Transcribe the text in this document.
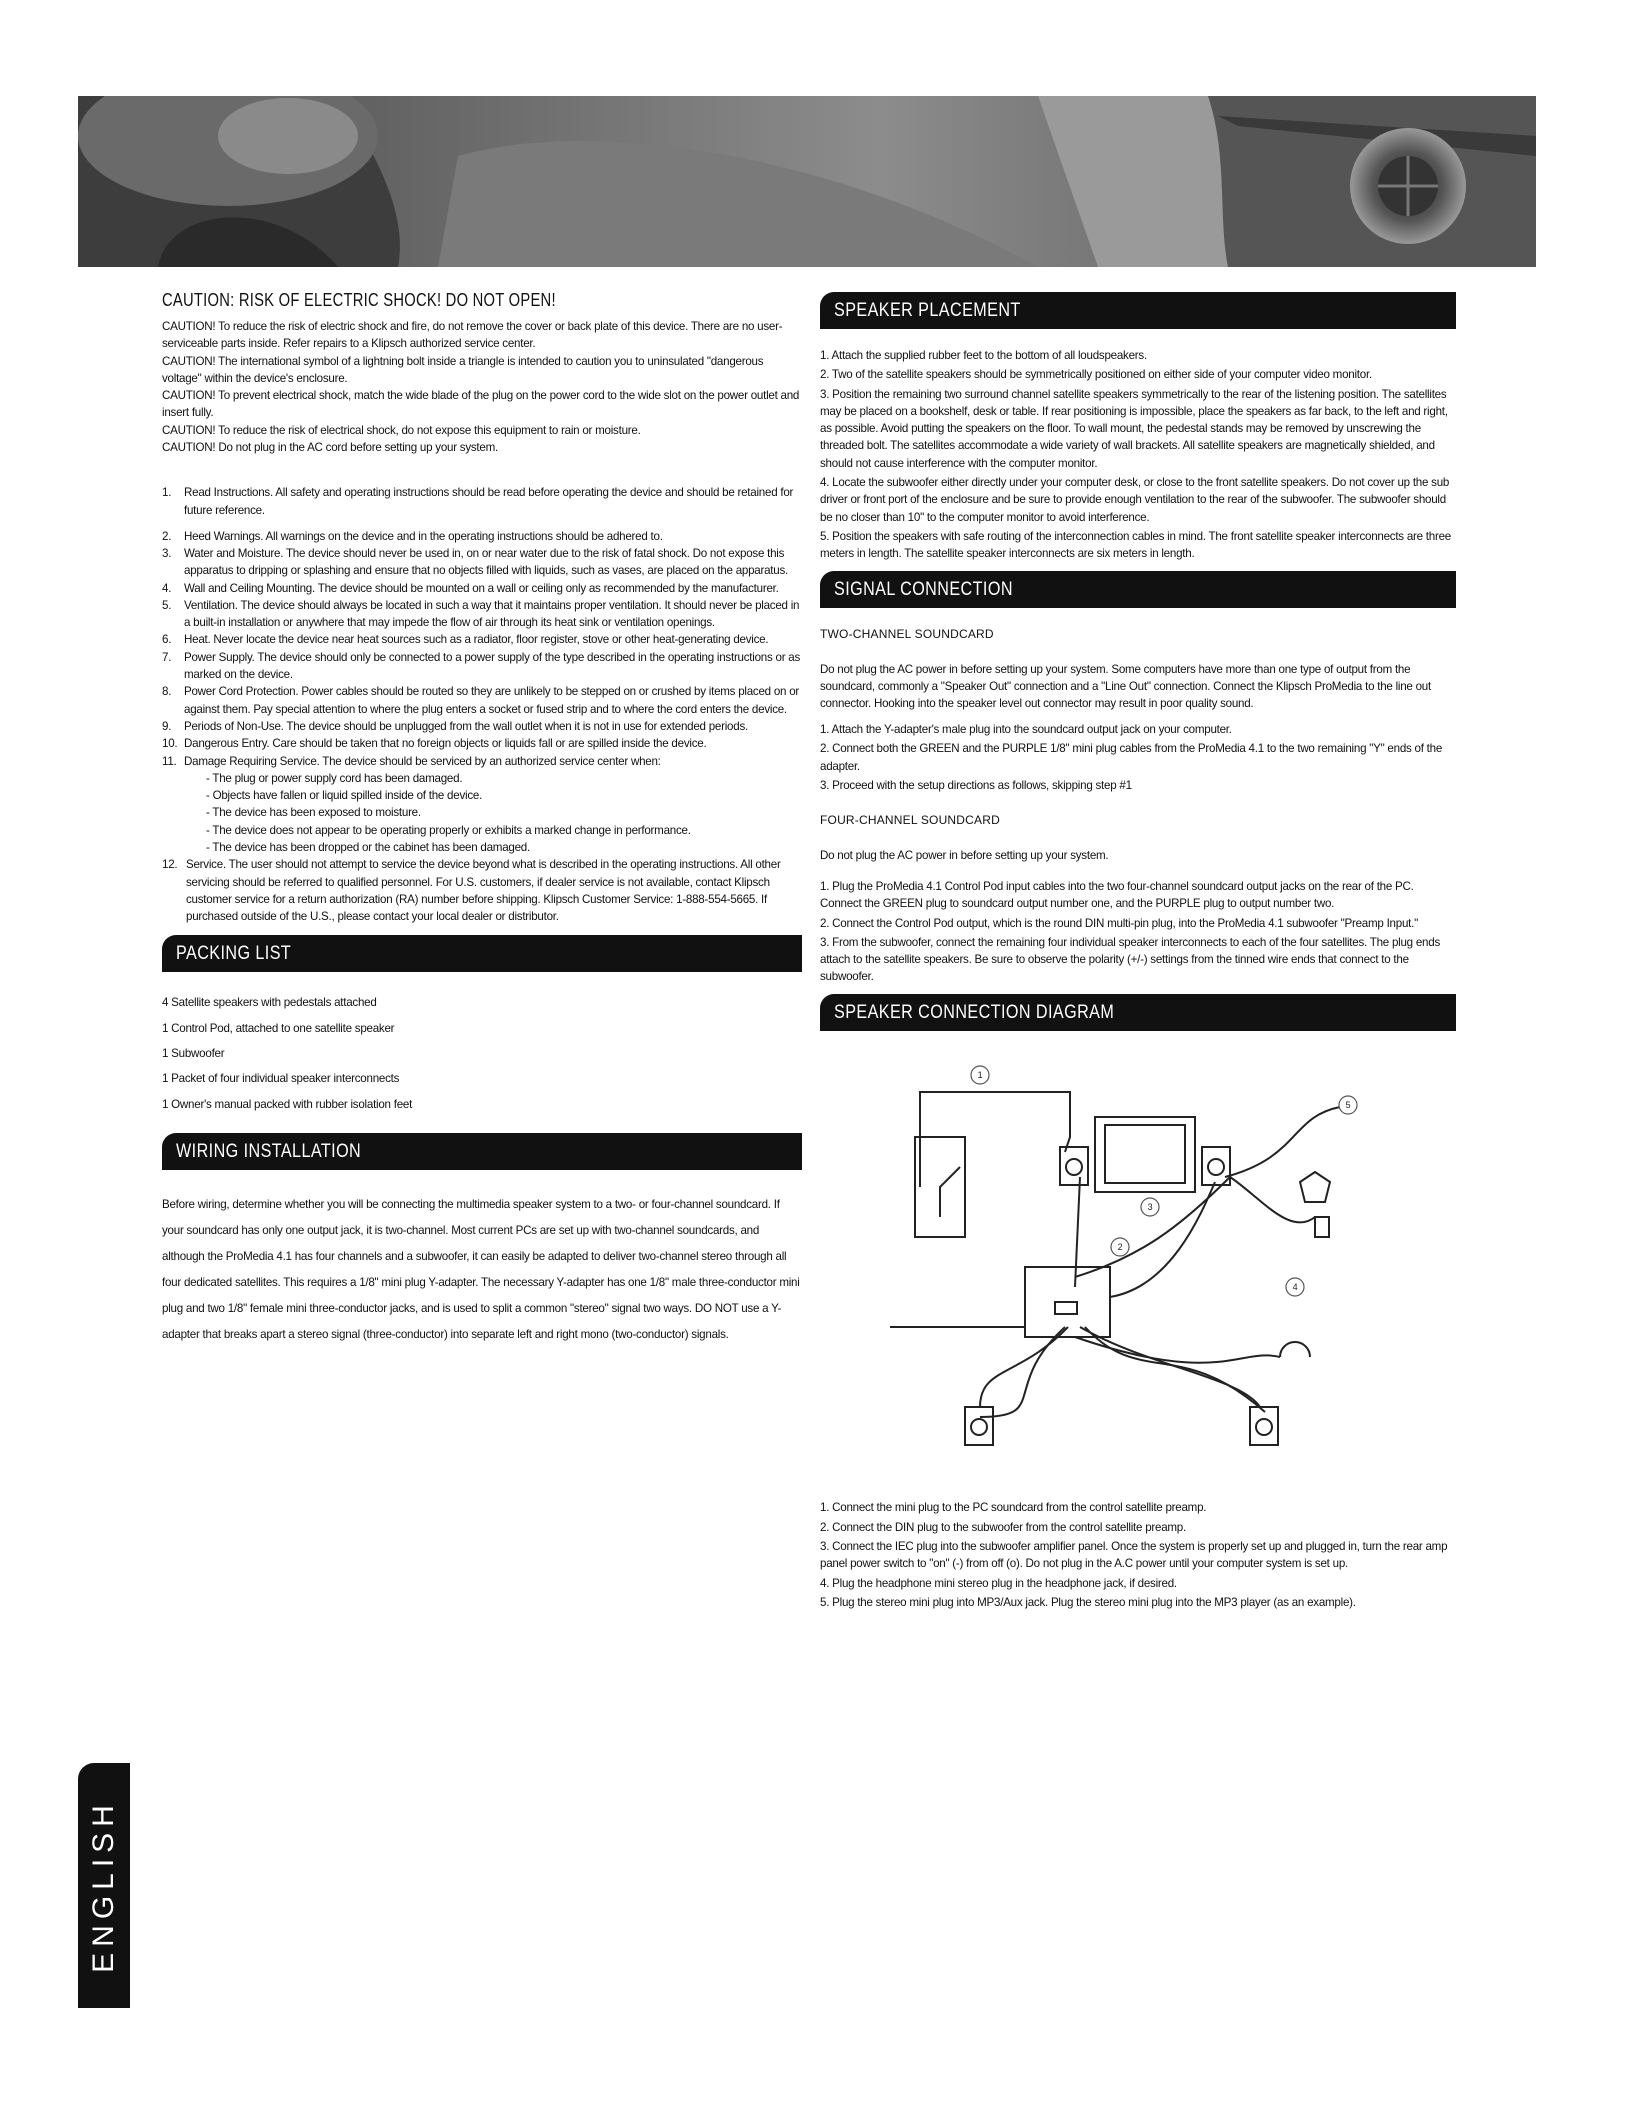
CAUTION: RISK OF ELECTRIC SHOCK! DO NOT OPEN!

CAUTION! To reduce the risk of electric shock and fire, do not remove the cover or back plate of this device. There are no user-serviceable parts inside. Refer repairs to a Klipsch authorized service center.

CAUTION! The international symbol of a lightning bolt inside a triangle is intended to caution you to uninsulated "dangerous voltage" within the device's enclosure.

CAUTION! To prevent electrical shock, match the wide blade of the plug on the power cord to the wide slot on the power outlet and insert fully.

CAUTION! To reduce the risk of electrical shock, do not expose this equipment to rain or moisture.

CAUTION! Do not plug in the AC cord before setting up your system.

1. Read Instructions. All safety and operating instructions should be read before operating the device and should be retained for future reference.
2. Heed Warnings. All warnings on the device and in the operating instructions should be adhered to.
3. Water and Moisture. The device should never be used in, on or near water due to the risk of fatal shock. Do not expose this apparatus to dripping or splashing and ensure that no objects filled with liquids, such as vases, are placed on the apparatus.
4. Wall and Ceiling Mounting. The device should be mounted on a wall or ceiling only as recommended by the manufacturer.
5. Ventilation. The device should always be located in such a way that it maintains proper ventilation. It should never be placed in a built-in installation or anywhere that may impede the flow of air through its heat sink or ventilation openings.
6. Heat. Never locate the device near heat sources such as a radiator, floor register, stove or other heat-generating device.
7. Power Supply. The device should only be connected to a power supply of the type described in the operating instructions or as marked on the device.
8. Power Cord Protection. Power cables should be routed so they are unlikely to be stepped on or crushed by items placed on or against them. Pay special attention to where the plug enters a socket or fused strip and to where the cord enters the device.
9. Periods of Non-Use. The device should be unplugged from the wall outlet when it is not in use for extended periods.
10. Dangerous Entry. Care should be taken that no foreign objects or liquids fall or are spilled inside the device.
11. Damage Requiring Service. The device should be serviced by an authorized service center when:
- The plug or power supply cord has been damaged.
- Objects have fallen or liquid spilled inside of the device.
- The device has been exposed to moisture.
- The device does not appear to be operating properly or exhibits a marked change in performance.
- The device has been dropped or the cabinet has been damaged.
12. Service. The user should not attempt to service the device beyond what is described in the operating instructions. All other servicing should be referred to qualified personnel. For U.S. customers, if dealer service is not available, contact Klipsch customer service for a return authorization (RA) number before shipping. Klipsch Customer Service: 1-888-554-5665. If purchased outside of the U.S., please contact your local dealer or distributor.
PACKING LIST
4 Satellite speakers with pedestals attached
1 Control Pod, attached to one satellite speaker
1 Subwoofer
1 Packet of four individual speaker interconnects
1 Owner's manual packed with rubber isolation feet
WIRING INSTALLATION

Before wiring, determine whether you will be connecting the multimedia speaker system to a two- or four-channel soundcard. If your soundcard has only one output jack, it is two-channel. Most current PCs are set up with two-channel soundcards, and although the ProMedia 4.1 has four channels and a subwoofer, it can easily be adapted to deliver two-channel stereo through all four dedicated satellites. This requires a 1/8" mini plug Y-adapter. The necessary Y-adapter has one 1/8" male three-conductor mini plug and two 1/8" female mini three-conductor jacks, and is used to split a common "stereo" signal two ways. DO NOT use a Y-adapter that breaks apart a stereo signal (three-conductor) into separate left and right mono (two-conductor) signals.

SPEAKER PLACEMENT

1. Attach the supplied rubber feet to the bottom of all loudspeakers.

2. Two of the satellite speakers should be symmetrically positioned on either side of your computer video monitor.

3. Position the remaining two surround channel satellite speakers symmetrically to the rear of the listening position. The satellites may be placed on a bookshelf, desk or table. If rear positioning is impossible, place the speakers as far back, to the left and right, as possible. Avoid putting the speakers on the floor. To wall mount, the pedestal stands may be removed by unscrewing the threaded bolt. The satellites accommodate a wide variety of wall brackets. All satellite speakers are magnetically shielded, and should not cause interference with the computer monitor.

4. Locate the subwoofer either directly under your computer desk, or close to the front satellite speakers. Do not cover up the sub driver or front port of the enclosure and be sure to provide enough ventilation to the rear of the subwoofer. The subwoofer should be no closer than 10" to the computer monitor to avoid interference.

5. Position the speakers with safe routing of the interconnection cables in mind. The front satellite speaker interconnects are three meters in length. The satellite speaker interconnects are six meters in length.

SIGNAL CONNECTION
TWO-CHANNEL SOUNDCARD

Do not plug the AC power in before setting up your system. Some computers have more than one type of output from the soundcard, commonly a "Speaker Out" connection and a "Line Out" connection. Connect the Klipsch ProMedia to the line out connector. Hooking into the speaker level out connector may result in poor quality sound.

1. Attach the Y-adapter's male plug into the soundcard output jack on your computer.

2. Connect both the GREEN and the PURPLE 1/8" mini plug cables from the ProMedia 4.1 to the two remaining "Y" ends of the adapter.

3. Proceed with the setup directions as follows, skipping step #1

FOUR-CHANNEL SOUNDCARD

Do not plug the AC power in before setting up your system.

1. Plug the ProMedia 4.1 Control Pod input cables into the two four-channel soundcard output jacks on the rear of the PC. Connect the GREEN plug to soundcard output number one, and the PURPLE plug to output number two.

2. Connect the Control Pod output, which is the round DIN multi-pin plug, into the ProMedia 4.1 subwoofer "Preamp Input."

3. From the subwoofer, connect the remaining four individual speaker interconnects to each of the four satellites. The plug ends attach to the satellite speakers. Be sure to observe the polarity (+/-) settings from the tinned wire ends that connect to the subwoofer.

SPEAKER CONNECTION DIAGRAM
1
2
3
4
5

1. Connect the mini plug to the PC soundcard from the control satellite preamp.

2. Connect the DIN plug to the subwoofer from the control satellite preamp.

3. Connect the IEC plug into the subwoofer amplifier panel. Once the system is properly set up and plugged in, turn the rear amp panel power switch to "on" (-) from off (o). Do not plug in the A.C power until your computer system is set up.

4. Plug the headphone mini stereo plug in the headphone jack, if desired.

5. Plug the stereo mini plug into MP3/Aux jack. Plug the stereo mini plug into the MP3 player (as an example).

ENGLISH
